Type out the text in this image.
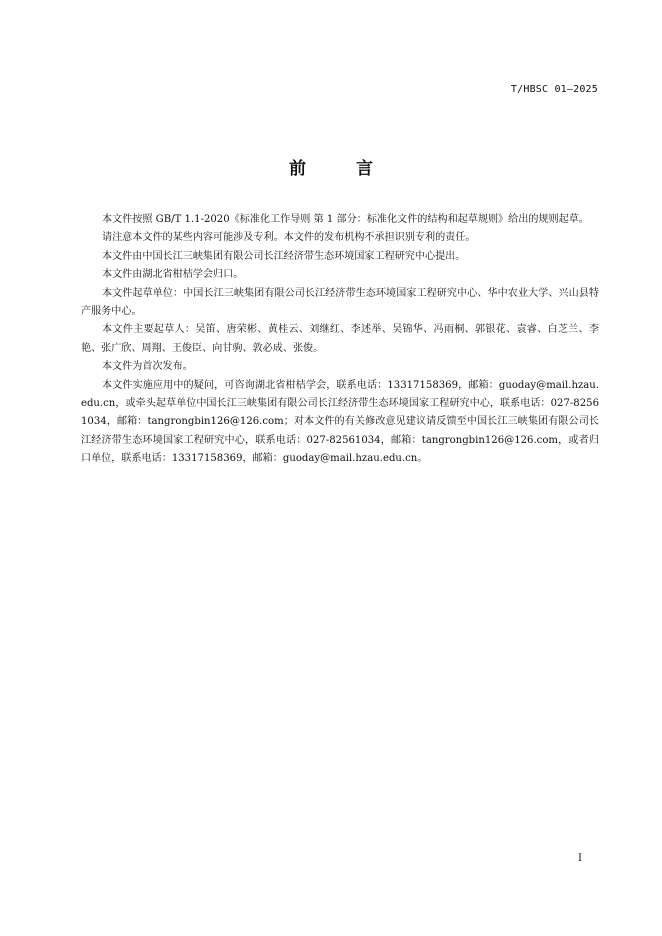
T/HBSC 01—2025
前 言

本文件按照 GB/T 1.1-2020《标准化工作导则 第 1 部分：标准化文件的结构和起草规则》给出的规则起草。

请注意本文件的某些内容可能涉及专利。本文件的发布机构不承担识别专利的责任。

本文件由中国长江三峡集团有限公司长江经济带生态环境国家工程研究中心提出。

本文件由湖北省柑桔学会归口。

本文件起草单位：中国长江三峡集团有限公司长江经济带生态环境国家工程研究中心、华中农业大学、兴山县特产服务中心。

本文件主要起草人：吴笛、唐荣彬、黄桂云、刘继红、李述举、吴锦华、冯雨桐、郭银花、袁睿、白芝兰、李艳、张广欣、周翔、王俊臣、向甘驹、敦必成、张俊。

本文件为首次发布。

本文件实施应用中的疑问，可咨询湖北省柑桔学会，联系电话：13317158369，邮箱：guoday@mail.hzau.edu.cn，或牵头起草单位中国长江三峡集团有限公司长江经济带生态环境国家工程研究中心，联系电话：027-82561034，邮箱：tangrongbin126@126.com；对本文件的有关修改意见建议请反馈至中国长江三峡集团有限公司长江经济带生态环境国家工程研究中心，联系电话：027-82561034，邮箱：tangrongbin126@126.com，或者归口单位，联系电话：13317158369，邮箱：guoday@mail.hzau.edu.cn。

I
